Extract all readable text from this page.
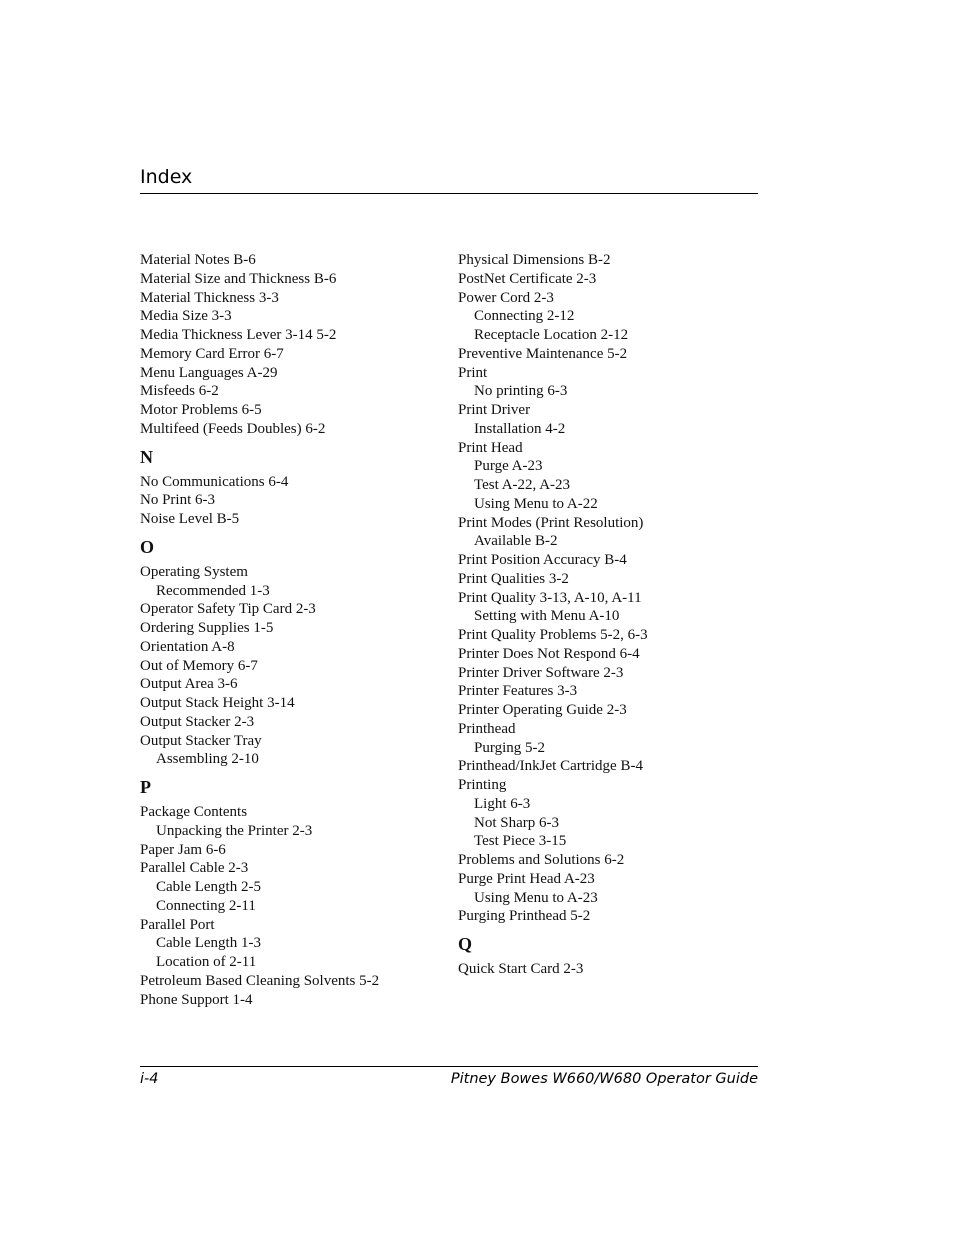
Index
Material Notes B-6
Material Size and Thickness B-6
Material Thickness 3-3
Media Size 3-3
Media Thickness Lever 3-14 5-2
Memory Card Error 6-7
Menu Languages A-29
Misfeeds 6-2
Motor Problems 6-5
Multifeed (Feeds Doubles) 6-2
N
No Communications 6-4
No Print 6-3
Noise Level B-5
O
Operating System
Recommended 1-3
Operator Safety Tip Card 2-3
Ordering Supplies 1-5
Orientation A-8
Out of Memory 6-7
Output Area 3-6
Output Stack Height 3-14
Output Stacker 2-3
Output Stacker Tray
Assembling 2-10
P
Package Contents
Unpacking the Printer 2-3
Paper Jam 6-6
Parallel Cable 2-3
Cable Length 2-5
Connecting 2-11
Parallel Port
Cable Length 1-3
Location of 2-11
Petroleum Based Cleaning Solvents 5-2
Phone Support 1-4
Physical Dimensions B-2
PostNet Certificate 2-3
Power Cord 2-3
Connecting 2-12
Receptacle Location 2-12
Preventive Maintenance 5-2
Print
No printing 6-3
Print Driver
Installation 4-2
Print Head
Purge A-23
Test A-22, A-23
Using Menu to A-22
Print Modes (Print Resolution)
Available B-2
Print Position Accuracy B-4
Print Qualities 3-2
Print Quality 3-13, A-10, A-11
Setting with Menu A-10
Print Quality Problems 5-2, 6-3
Printer Does Not Respond 6-4
Printer Driver Software 2-3
Printer Features 3-3
Printer Operating Guide 2-3
Printhead
Purging 5-2
Printhead/InkJet Cartridge B-4
Printing
Light 6-3
Not Sharp 6-3
Test Piece 3-15
Problems and Solutions 6-2
Purge Print Head A-23
Using Menu to A-23
Purging Printhead 5-2
Q
Quick Start Card 2-3
i-4	Pitney Bowes W660/W680 Operator Guide
